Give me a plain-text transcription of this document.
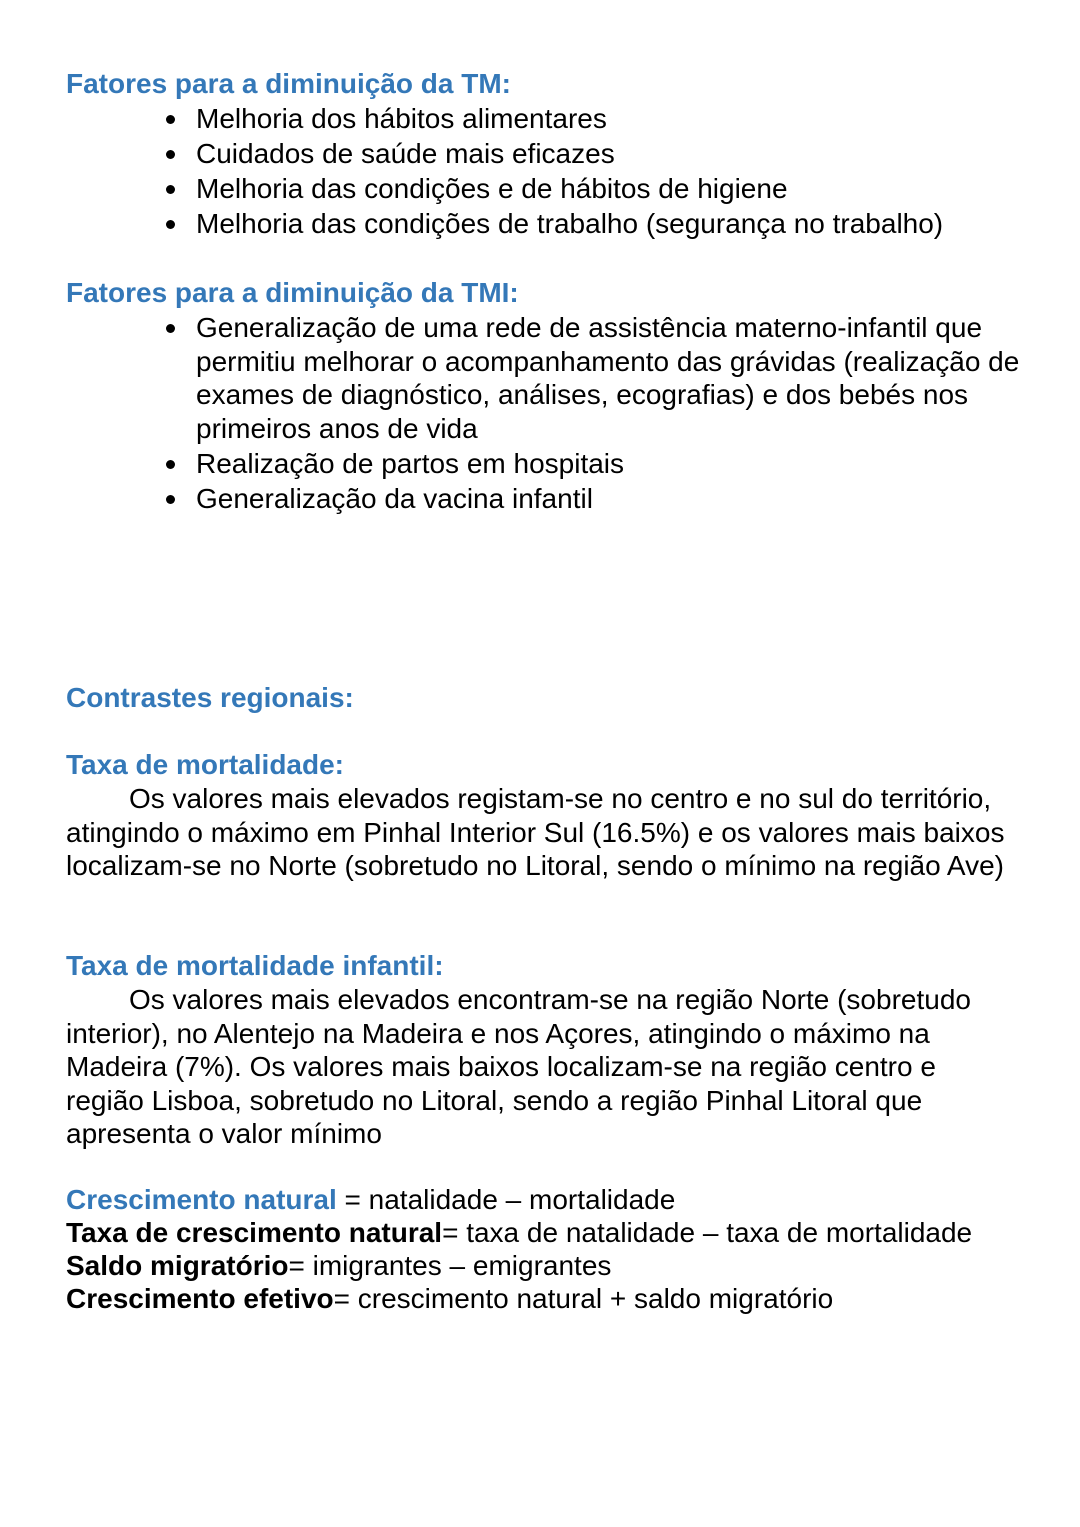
Fatores para a diminuição da TM:
Melhoria dos hábitos alimentares
Cuidados de saúde mais eficazes
Melhoria das condições e de hábitos de higiene
Melhoria das condições de trabalho (segurança no trabalho)
Fatores para a diminuição da TMI:
Generalização de uma rede de assistência materno-infantil que permitiu melhorar o acompanhamento das grávidas (realização de exames de diagnóstico, análises, ecografias) e dos bebés nos primeiros anos de vida
Realização de partos em hospitais
Generalização da vacina infantil
Contrastes regionais:
Taxa de mortalidade:

Os valores mais elevados registam-se no centro e no sul do território, atingindo o máximo em Pinhal Interior Sul (16.5%) e os valores mais baixos localizam-se no Norte (sobretudo no Litoral, sendo o mínimo na região Ave)

Taxa de mortalidade infantil:

Os valores mais elevados encontram-se na região Norte (sobretudo interior), no Alentejo na Madeira e nos Açores, atingindo o máximo na Madeira (7%). Os valores mais baixos localizam-se na região centro e região Lisboa, sobretudo no Litoral, sendo a região Pinhal Litoral que apresenta o valor mínimo

Crescimento natural = natalidade – mortalidade

Taxa de crescimento natural= taxa de natalidade – taxa de mortalidade

Saldo migratório= imigrantes – emigrantes

Crescimento efetivo= crescimento natural + saldo migratório
